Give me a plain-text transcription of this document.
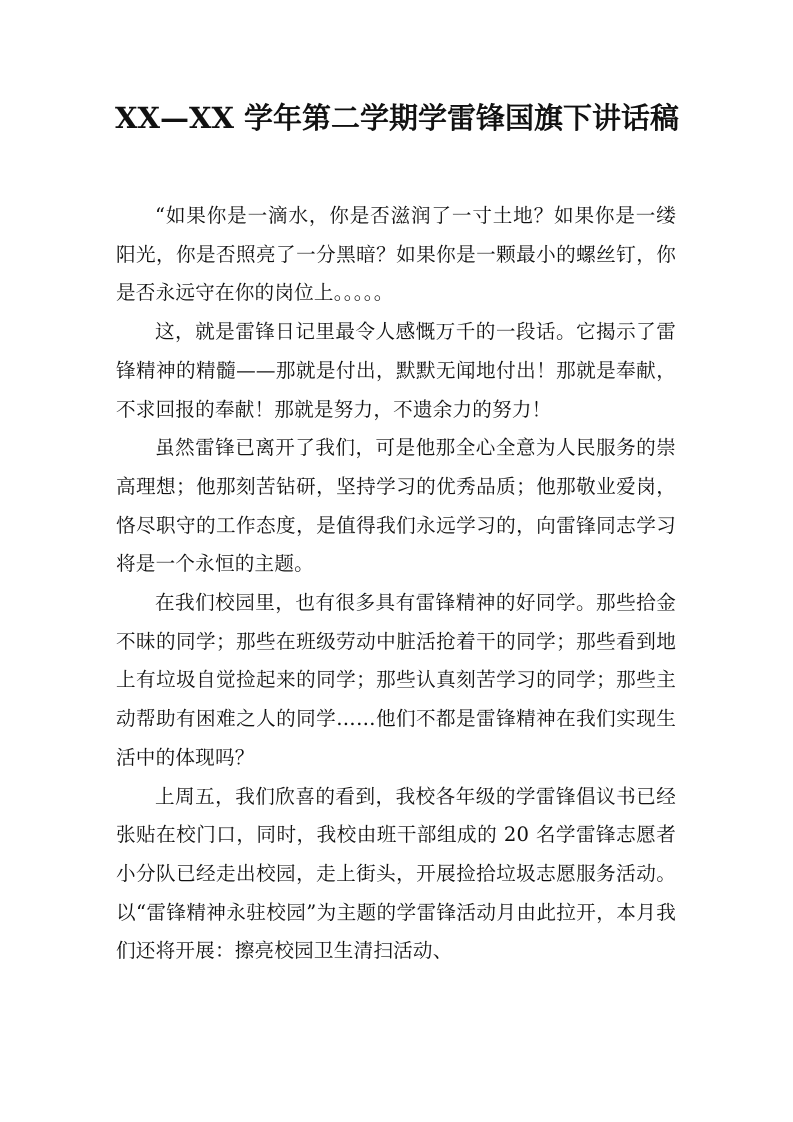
XX—XX 学年第二学期学雷锋国旗下讲话稿

“如果你是一滴水，你是否滋润了一寸土地？如果你是一缕阳光，你是否照亮了一分黑暗？如果你是一颗最小的螺丝钉，你是否永远守在你的岗位上。。。。。

这，就是雷锋日记里最令人感慨万千的一段话。它揭示了雷锋精神的精髓——那就是付出，默默无闻地付出！那就是奉献，不求回报的奉献！那就是努力，不遗余力的努力！

虽然雷锋已离开了我们，可是他那全心全意为人民服务的崇高理想；他那刻苦钻研，坚持学习的优秀品质；他那敬业爱岗，恪尽职守的工作态度，是值得我们永远学习的，向雷锋同志学习将是一个永恒的主题。

在我们校园里，也有很多具有雷锋精神的好同学。那些拾金不昧的同学；那些在班级劳动中脏活抢着干的同学；那些看到地上有垃圾自觉捡起来的同学；那些认真刻苦学习的同学；那些主动帮助有困难之人的同学……他们不都是雷锋精神在我们实现生活中的体现吗？

上周五，我们欣喜的看到，我校各年级的学雷锋倡议书已经张贴在校门口，同时，我校由班干部组成的 20 名学雷锋志愿者小分队已经走出校园，走上街头，开展捡拾垃圾志愿服务活动。以“雷锋精神永驻校园”为主题的学雷锋活动月由此拉开，本月我们还将开展：擦亮校园卫生清扫活动、
